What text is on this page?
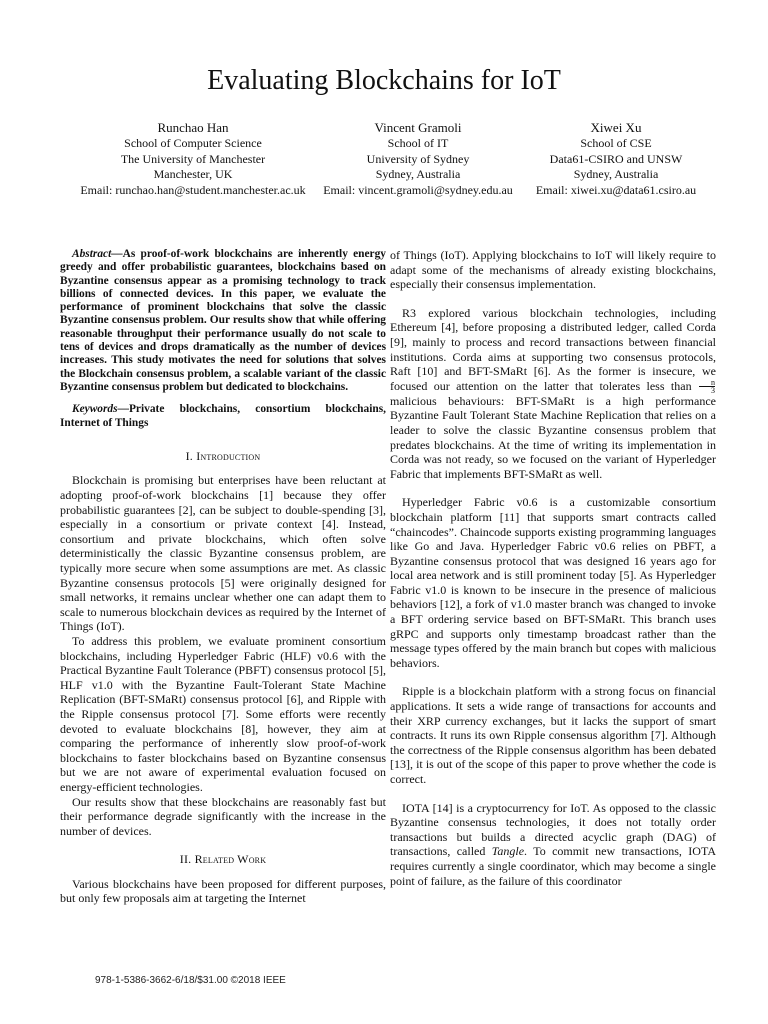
Evaluating Blockchains for IoT
Runchao Han
School of Computer Science
The University of Manchester
Manchester, UK
Email: runchao.han@student.manchester.ac.uk
Vincent Gramoli
School of IT
University of Sydney
Sydney, Australia
Email: vincent.gramoli@sydney.edu.au
Xiwei Xu
School of CSE
Data61-CSIRO and UNSW
Sydney, Australia
Email: xiwei.xu@data61.csiro.au

Abstract—As proof-of-work blockchains are inherently energy greedy and offer probabilistic guarantees, blockchains based on Byzantine consensus appear as a promising technology to track billions of connected devices. In this paper, we evaluate the performance of prominent blockchains that solve the classic Byzantine consensus problem. Our results show that while offering reasonable throughput their performance usually do not scale to tens of devices and drops dramatically as the number of devices increases. This study motivates the need for solutions that solves the Blockchain consensus problem, a scalable variant of the classic Byzantine consensus problem but dedicated to blockchains.

Keywords—Private blockchains, consortium blockchains, Internet of Things

I. Introduction

Blockchain is promising but enterprises have been reluctant at adopting proof-of-work blockchains [1] because they offer probabilistic guarantees [2], can be subject to double-spending [3], especially in a consortium or private context [4]. Instead, consortium and private blockchains, which often solve deterministically the classic Byzantine consensus problem, are typically more secure when some assumptions are met. As classic Byzantine consensus protocols [5] were originally designed for small networks, it remains unclear whether one can adapt them to scale to numerous blockchain devices as required by the Internet of Things (IoT).

To address this problem, we evaluate prominent consortium blockchains, including Hyperledger Fabric (HLF) v0.6 with the Practical Byzantine Fault Tolerance (PBFT) consensus protocol [5], HLF v1.0 with the Byzantine Fault-Tolerant State Machine Replication (BFT-SMaRt) consensus protocol [6], and Ripple with the Ripple consensus protocol [7]. Some efforts were recently devoted to evaluate blockchains [8], however, they aim at comparing the performance of inherently slow proof-of-work blockchains to faster blockchains based on Byzantine consensus but we are not aware of experimental evaluation focused on energy-efficient technologies.

Our results show that these blockchains are reasonably fast but their performance degrade significantly with the increase in the number of devices.

II. Related Work

Various blockchains have been proposed for different purposes, but only few proposals aim at targeting the Internet

of Things (IoT). Applying blockchains to IoT will likely require to adapt some of the mechanisms of already existing blockchains, especially their consensus implementation.

R3 explored various blockchain technologies, including Ethereum [4], before proposing a distributed ledger, called Corda [9], mainly to process and record transactions between financial institutions. Corda aims at supporting two consensus protocols, Raft [10] and BFT-SMaRt [6]. As the former is insecure, we focused our attention on the latter that tolerates less than $\frac{n}{3}$
malicious behaviours: BFT-SMaRt is a high performance Byzantine Fault Tolerant State Machine Replication that relies on a leader to solve the classic Byzantine consensus problem that predates blockchains. At the time of writing its implementation in Corda was not ready, so we focused on the variant of Hyperledger Fabric that implements BFT-SMaRt as well.

Hyperledger Fabric v0.6 is a customizable consortium blockchain platform [11] that supports smart contracts called “chaincodes”. Chaincode supports existing programming languages like Go and Java. Hyperledger Fabric v0.6 relies on PBFT, a Byzantine consensus protocol that was designed 16 years ago for local area network and is still prominent today [5]. As Hyperledger Fabric v1.0 is known to be insecure in the presence of malicious behaviors [12], a fork of v1.0 master branch was changed to invoke a BFT ordering service based on BFT-SMaRt. This branch uses gRPC and supports only timestamp broadcast rather than the message types offered by the main branch but copes with malicious behaviors.

Ripple is a blockchain platform with a strong focus on financial applications. It sets a wide range of transactions for accounts and their XRP currency exchanges, but it lacks the support of smart contracts. It runs its own Ripple consensus algorithm [7]. Although the correctness of the Ripple consensus algorithm has been debated [13], it is out of the scope of this paper to prove whether the code is correct.

IOTA [14] is a cryptocurrency for IoT. As opposed to the classic Byzantine consensus technologies, it does not totally order transactions but builds a directed acyclic graph (DAG) of transactions, called Tangle. To commit new transactions, IOTA requires currently a single coordinator, which may become a single point of failure, as the failure of this coordinator

978-1-5386-3662-6/18/$31.00 ©2018 IEEE
